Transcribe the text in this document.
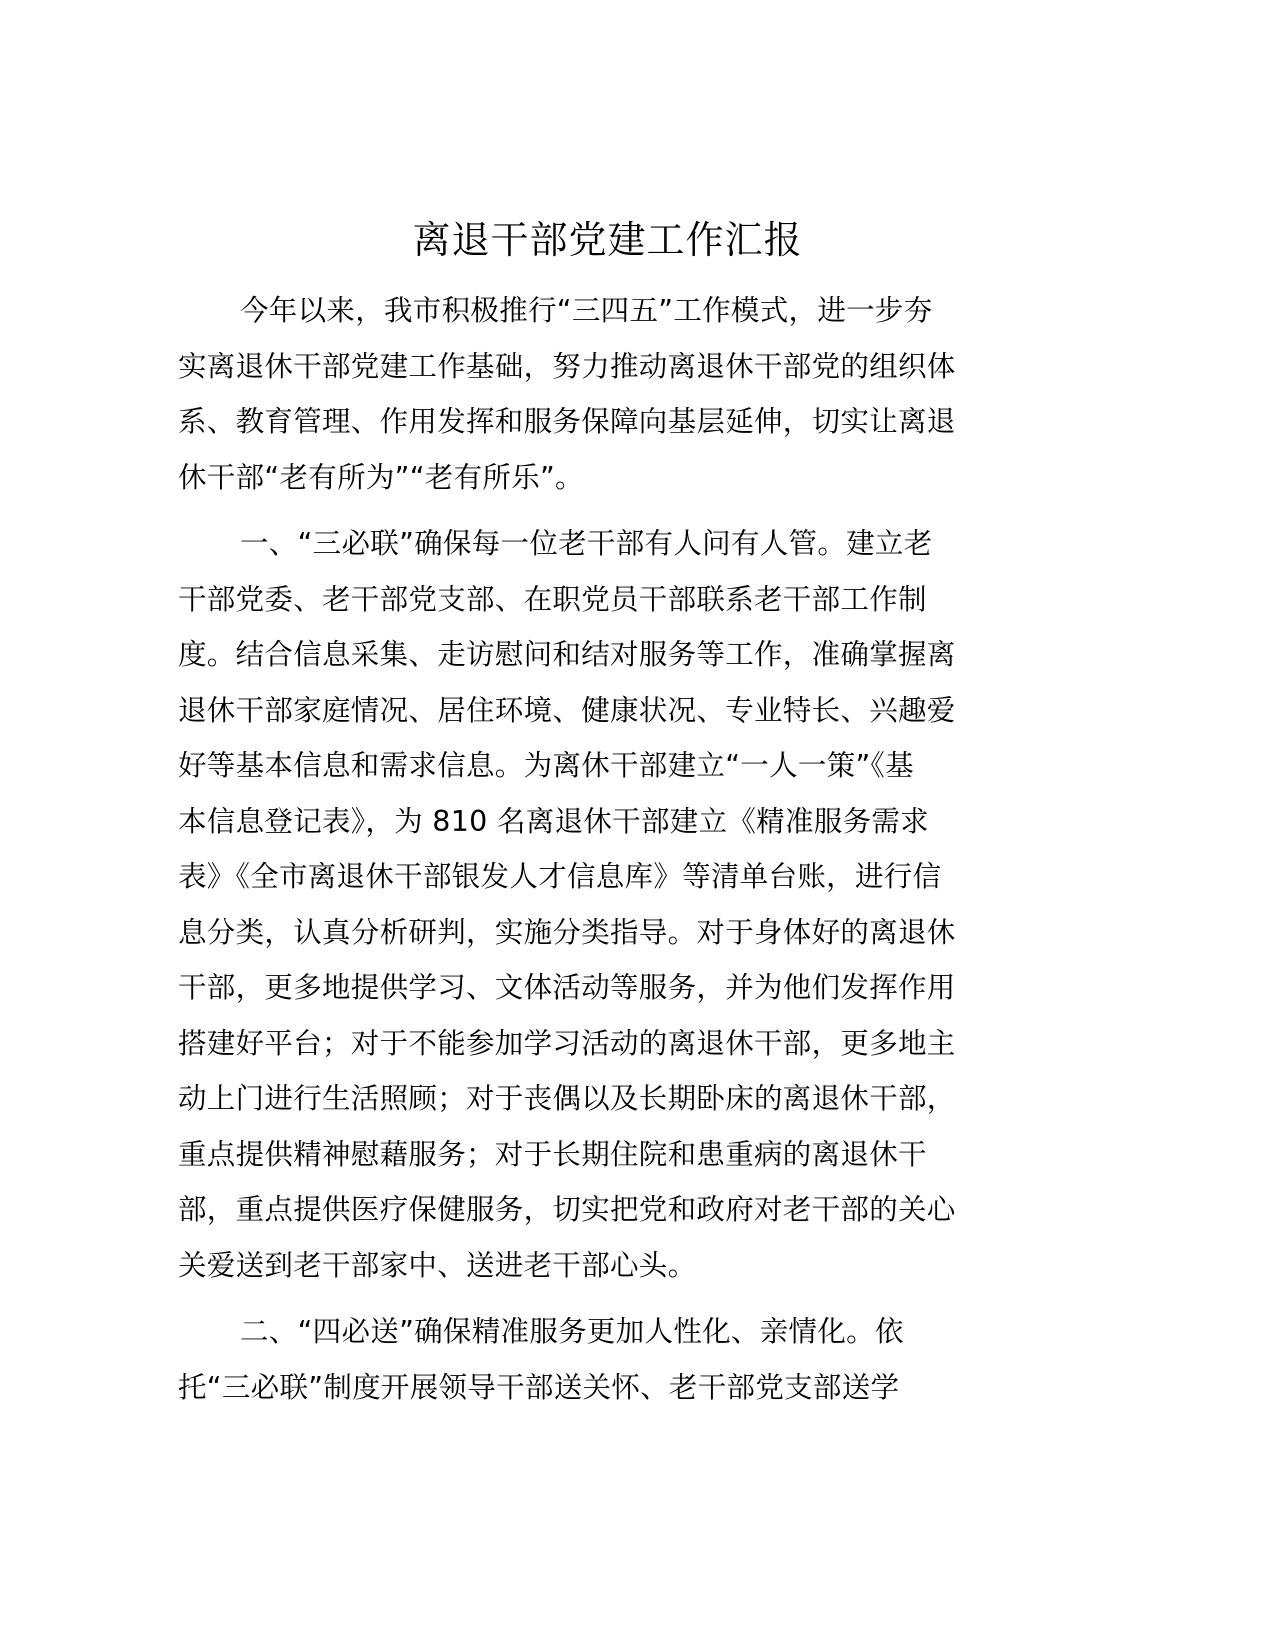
离退干部党建工作汇报

今年以来，我市积极推行“三四五”工作模式，进一步夯
实离退休干部党建工作基础，努力推动离退休干部党的组织体
系、教育管理、作用发挥和服务保障向基层延伸，切实让离退
休干部“老有所为”“老有所乐”。

一、“三必联”确保每一位老干部有人问有人管。建立老
干部党委、老干部党支部、在职党员干部联系老干部工作制
度。结合信息采集、走访慰问和结对服务等工作，准确掌握离
退休干部家庭情况、居住环境、健康状况、专业特长、兴趣爱
好等基本信息和需求信息。为离休干部建立“一人一策”《基
本信息登记表》，为 810 名离退休干部建立《精准服务需求
表》《全市离退休干部银发人才信息库》等清单台账，进行信
息分类，认真分析研判，实施分类指导。对于身体好的离退休
干部，更多地提供学习、文体活动等服务，并为他们发挥作用
搭建好平台；对于不能参加学习活动的离退休干部，更多地主
动上门进行生活照顾；对于丧偶以及长期卧床的离退休干部，
重点提供精神慰藉服务；对于长期住院和患重病的离退休干
部，重点提供医疗保健服务，切实把党和政府对老干部的关心
关爱送到老干部家中、送进老干部心头。

二、“四必送”确保精准服务更加人性化、亲情化。依
托“三必联”制度开展领导干部送关怀、老干部党支部送学
